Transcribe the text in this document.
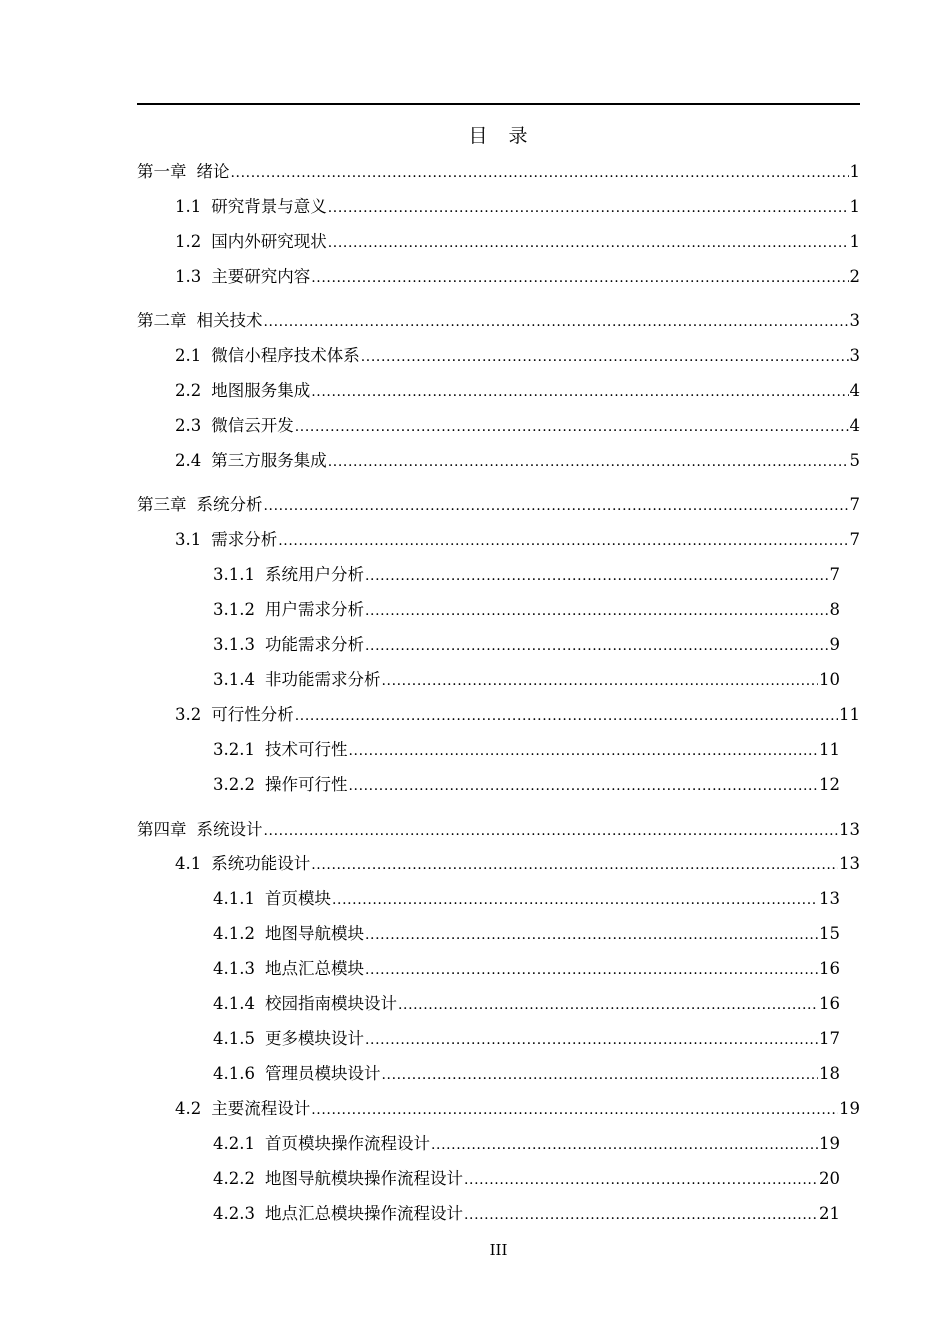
目　录
第一章 绪论 .....	1
1.1 研究背景与意义 .....	1
1.2 国内外研究现状 .....	1
1.3 主要研究内容 .....	2
第二章 相关技术 .....	3
2.1 微信小程序技术体系 .....	3
2.2 地图服务集成 .....	4
2.3 微信云开发 .....	4
2.4 第三方服务集成 .....	5
第三章 系统分析 .....	7
3.1 需求分析 .....	7
3.1.1 系统用户分析 .....	7
3.1.2 用户需求分析 .....	8
3.1.3 功能需求分析 .....	9
3.1.4 非功能需求分析 .....	10
3.2 可行性分析 .....	11
3.2.1 技术可行性 .....	11
3.2.2 操作可行性 .....	12
第四章 系统设计 .....	13
4.1 系统功能设计 .....	13
4.1.1 首页模块 .....	13
4.1.2 地图导航模块 .....	15
4.1.3 地点汇总模块 .....	16
4.1.4 校园指南模块设计 .....	16
4.1.5 更多模块设计 .....	17
4.1.6 管理员模块设计 .....	18
4.2 主要流程设计 .....	19
4.2.1 首页模块操作流程设计 .....	19
4.2.2 地图导航模块操作流程设计 .....	20
4.2.3 地点汇总模块操作流程设计 .....	21
III
